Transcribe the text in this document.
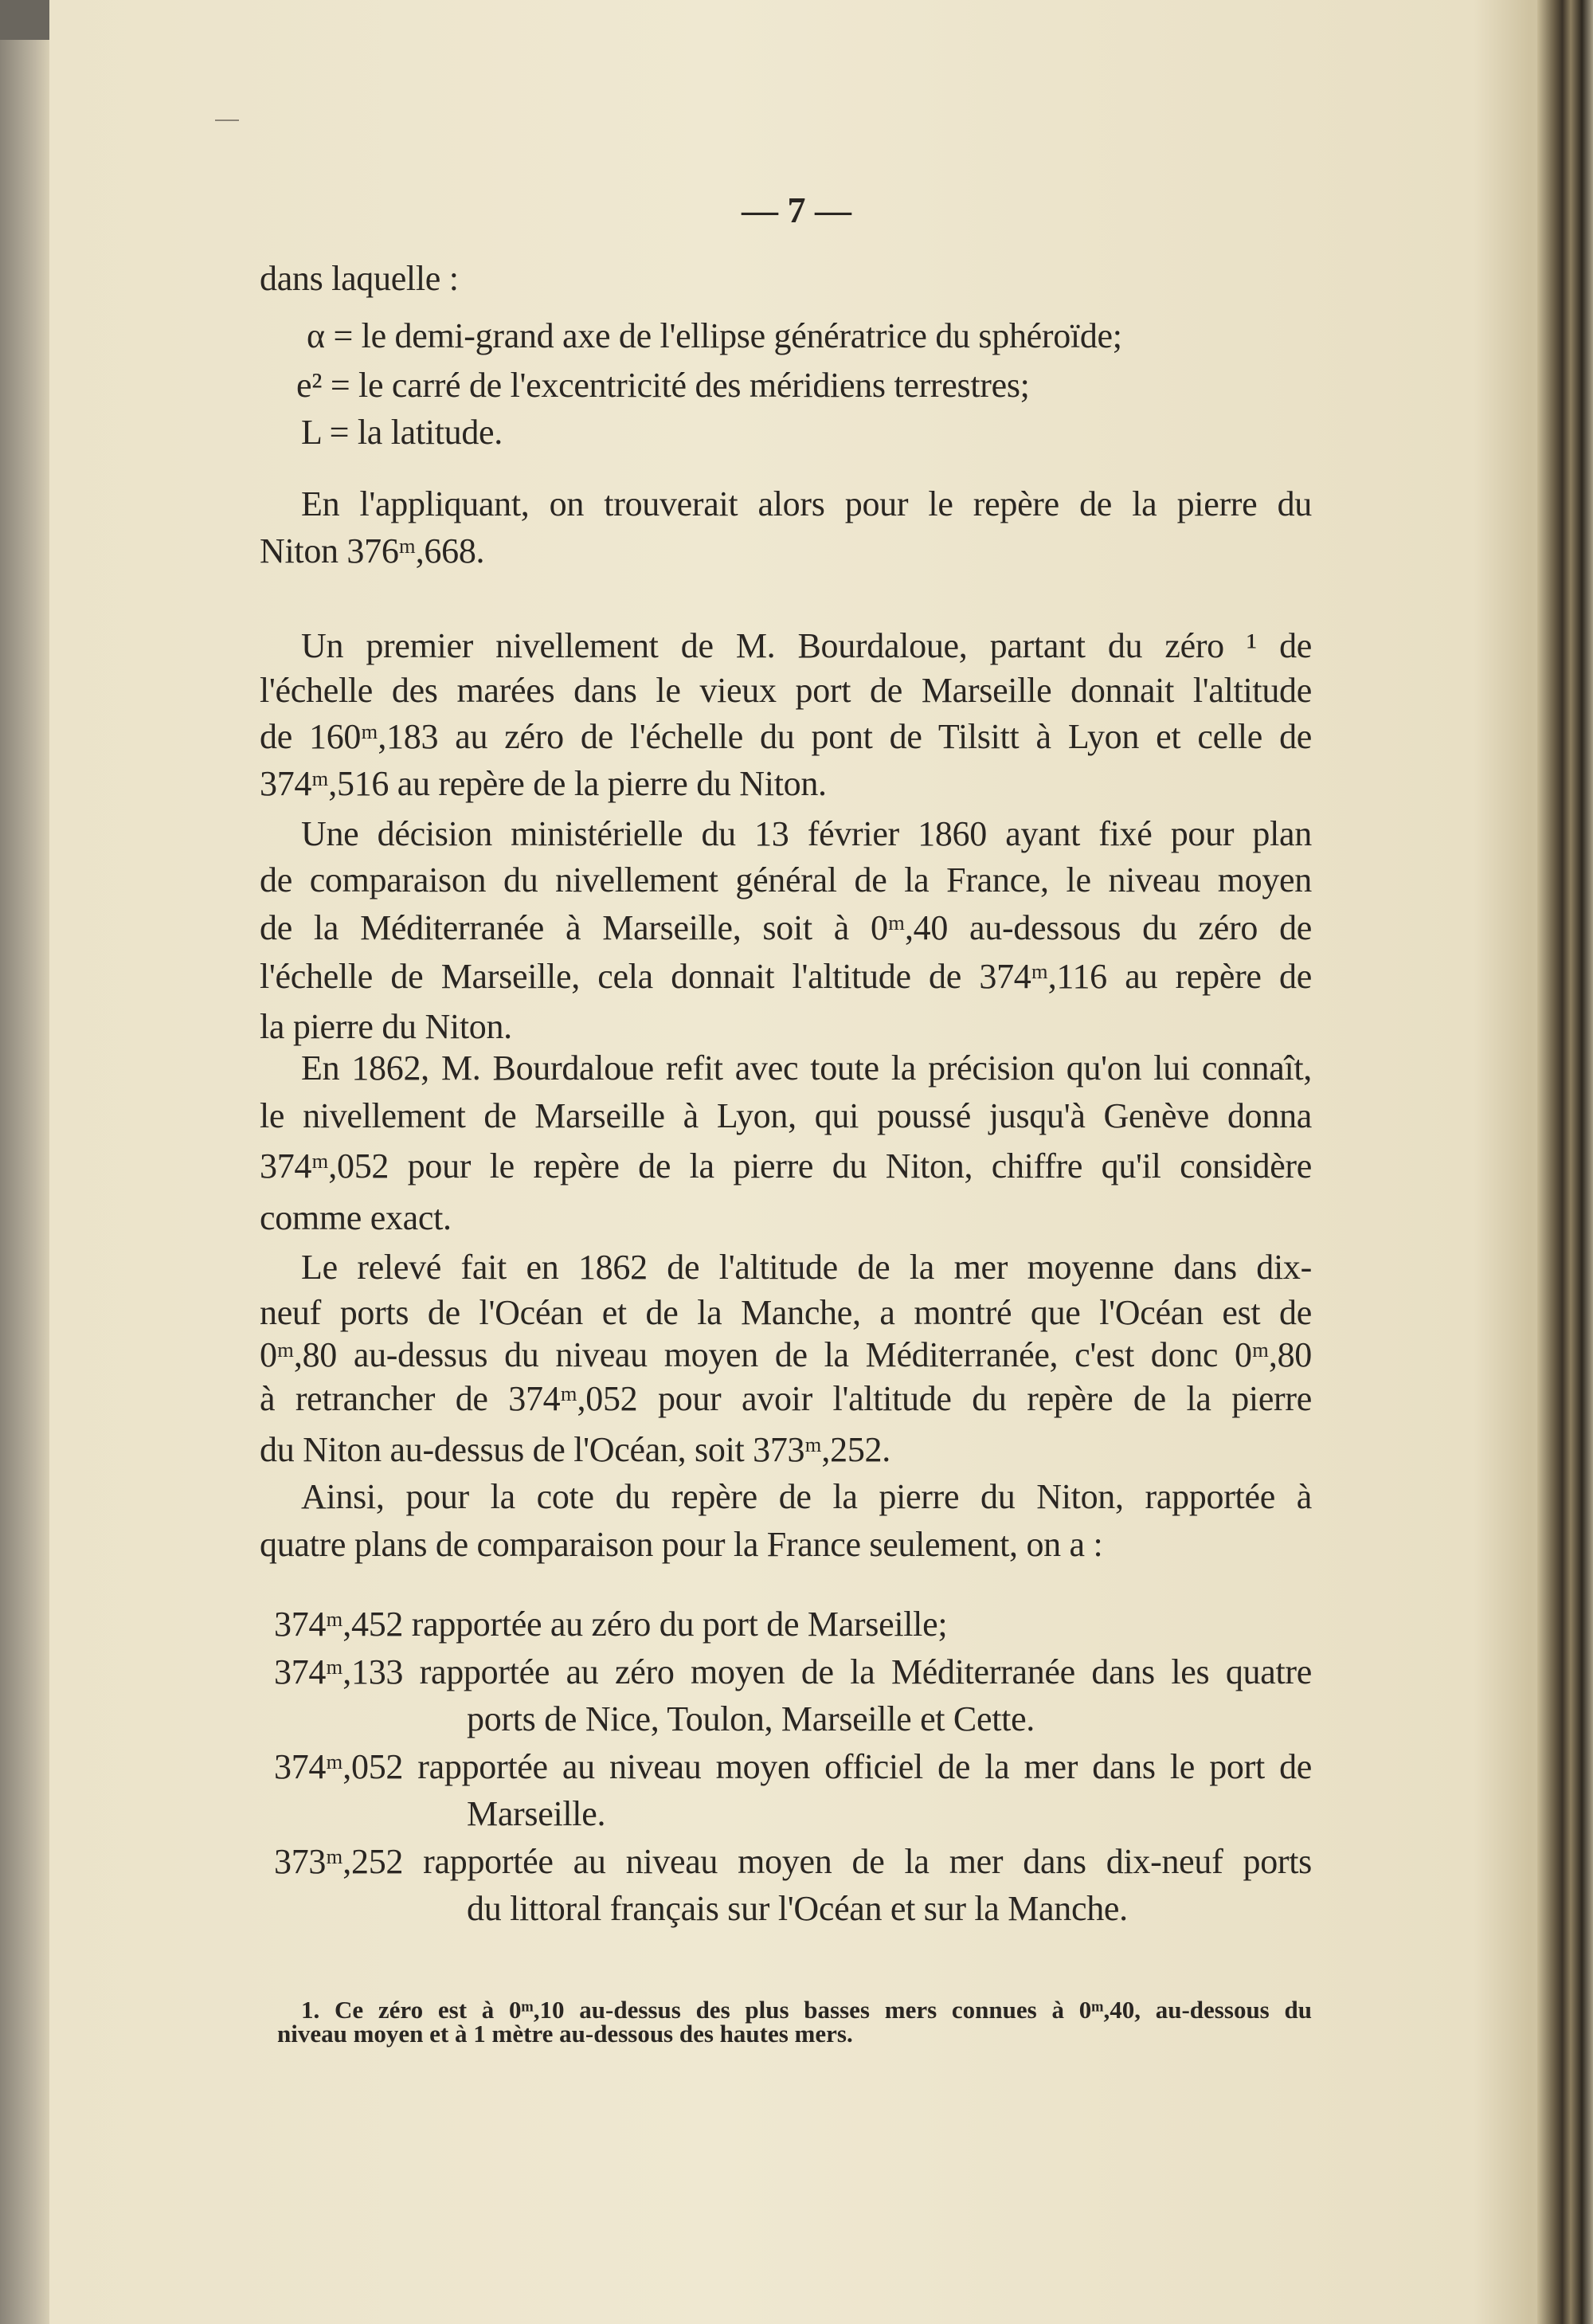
— 7 —
dans laquelle :
α = le demi-grand axe de l'ellipse génératrice du sphéroïde;
e² = le carré de l'excentricité des méridiens terrestres;
L = la latitude.
En l'appliquant, on trouverait alors pour le repère de la pierre du
Niton 376ᵐ,668.
Un premier nivellement de M. Bourdaloue, partant du zéro ¹ de
l'échelle des marées dans le vieux port de Marseille donnait l'altitude
de 160ᵐ,183 au zéro de l'échelle du pont de Tilsitt à Lyon et celle de
374ᵐ,516 au repère de la pierre du Niton.
Une décision ministérielle du 13 février 1860 ayant fixé pour plan
de comparaison du nivellement général de la France, le niveau moyen
de la Méditerranée à Marseille, soit à 0ᵐ,40 au-dessous du zéro de
l'échelle de Marseille, cela donnait l'altitude de 374ᵐ,116 au repère de
la pierre du Niton.
En 1862, M. Bourdaloue refit avec toute la précision qu'on lui connaît,
le nivellement de Marseille à Lyon, qui poussé jusqu'à Genève donna
374ᵐ,052 pour le repère de la pierre du Niton, chiffre qu'il considère
comme exact.
Le relevé fait en 1862 de l'altitude de la mer moyenne dans dix-
neuf ports de l'Océan et de la Manche, a montré que l'Océan est de
0ᵐ,80 au-dessus du niveau moyen de la Méditerranée, c'est donc 0ᵐ,80
à retrancher de 374ᵐ,052 pour avoir l'altitude du repère de la pierre
du Niton au-dessus de l'Océan, soit 373ᵐ,252.
Ainsi, pour la cote du repère de la pierre du Niton, rapportée à
quatre plans de comparaison pour la France seulement, on a :
374ᵐ,452 rapportée au zéro du port de Marseille;
374ᵐ,133 rapportée au zéro moyen de la Méditerranée dans les quatre
ports de Nice, Toulon, Marseille et Cette.
374ᵐ,052 rapportée au niveau moyen officiel de la mer dans le port de
Marseille.
373ᵐ,252 rapportée au niveau moyen de la mer dans dix-neuf ports
du littoral français sur l'Océan et sur la Manche.
1. Ce zéro est à 0ᵐ,10 au-dessus des plus basses mers connues à 0ᵐ,40, au-dessous du
niveau moyen et à 1 mètre au-dessous des hautes mers.
